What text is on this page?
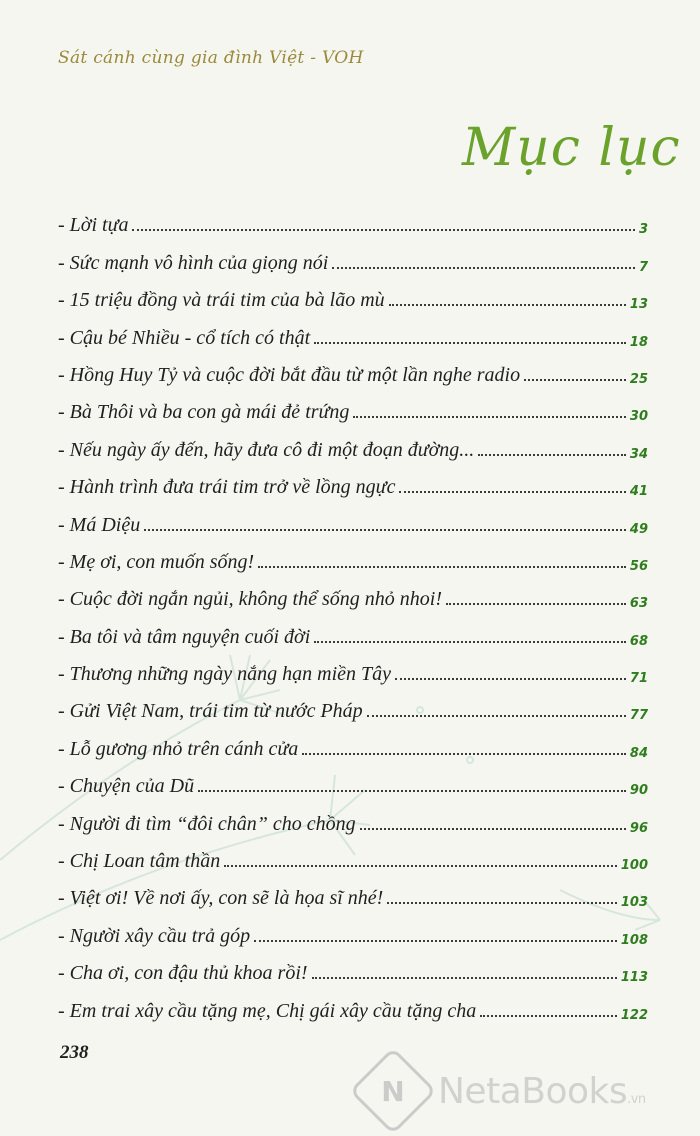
Sát cánh cùng gia đình Việt - VOH
Mục lục
- Lời tựa	3
- Sức mạnh vô hình của giọng nói	7
- 15 triệu đồng và trái tim của bà lão mù	13
- Cậu bé Nhiều - cổ tích có thật	18
- Hồng Huy Tỷ và cuộc đời bắt đầu từ một lần nghe radio	25
- Bà Thôi và ba con gà mái đẻ trứng	30
- Nếu ngày ấy đến, hãy đưa cô đi một đoạn đường...	34
- Hành trình đưa trái tim trở về lồng ngực	41
- Má Diệu	49
- Mẹ ơi, con muốn sống!	56
- Cuộc đời ngắn ngủi, không thể sống nhỏ nhoi!	63
- Ba tôi và tâm nguyện cuối đời	68
- Thương những ngày nắng hạn miền Tây	71
- Gửi Việt Nam, trái tim từ nước Pháp	77
- Lỗ gương nhỏ trên cánh cửa	84
- Chuyện của Dũ	90
- Người đi tìm “đôi chân” cho chồng	96
- Chị Loan tâm thần	100
- Việt ơi! Về nơi ấy, con sẽ là họa sĩ nhé!	103
- Người xây cầu trả góp	108
- Cha ơi, con đậu thủ khoa rồi!	113
- Em trai xây cầu tặng mẹ, Chị gái xây cầu tặng cha	122
238
N NetaBooks.vn
